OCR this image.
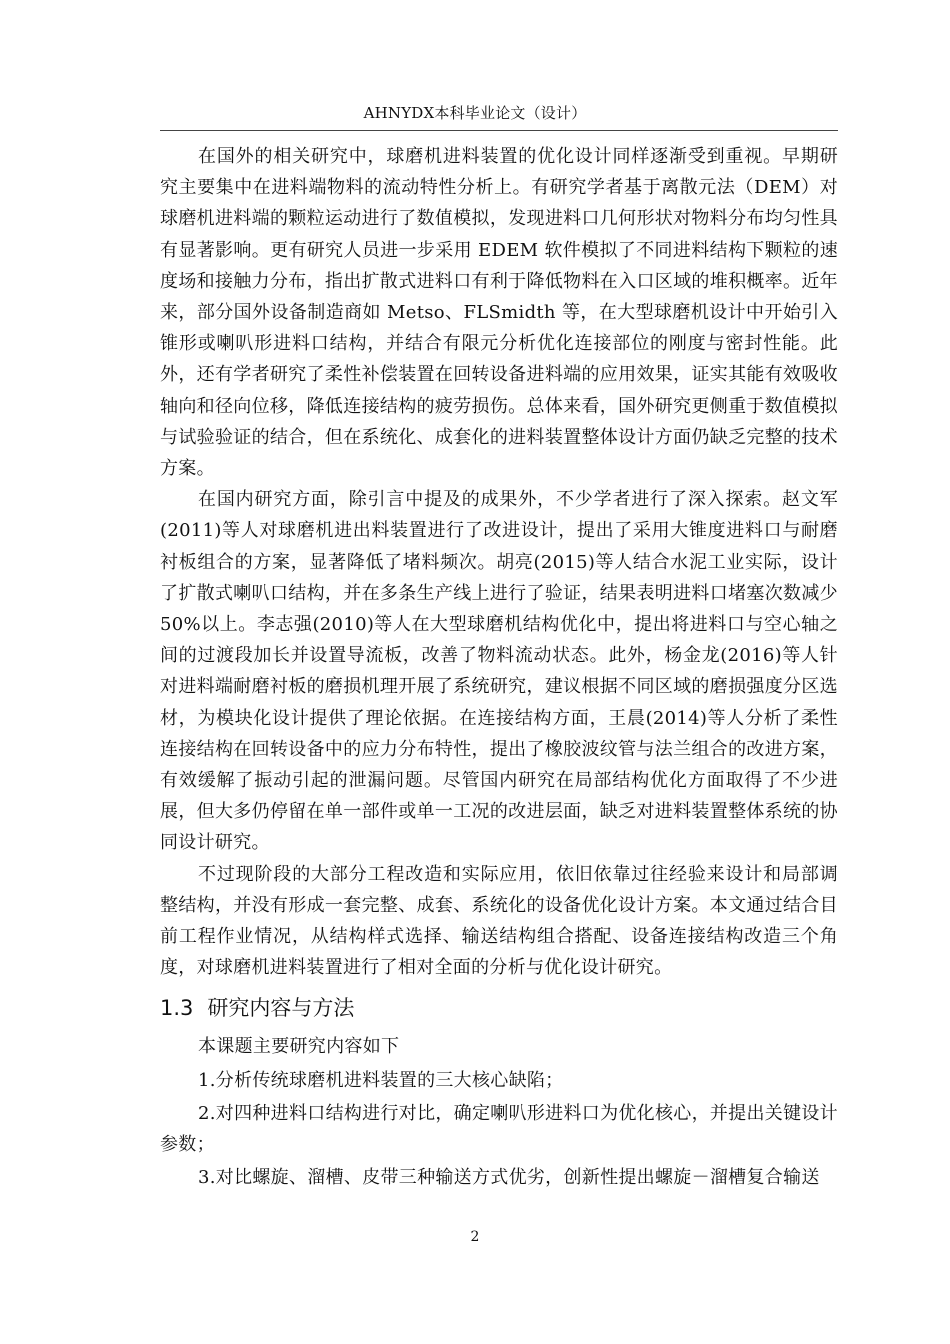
AHNYDX本科毕业论文（设计）

在国外的相关研究中，球磨机进料装置的优化设计同样逐渐受到重视。早期研究主要集中在进料端物料的流动特性分析上。有研究学者基于离散元法（DEM）对球磨机进料端的颗粒运动进行了数值模拟，发现进料口几何形状对物料分布均匀性具有显著影响。更有研究人员进一步采用 EDEM 软件模拟了不同进料结构下颗粒的速度场和接触力分布，指出扩散式进料口有利于降低物料在入口区域的堆积概率。近年来，部分国外设备制造商如 Metso、FLSmidth 等，在大型球磨机设计中开始引入锥形或喇叭形进料口结构，并结合有限元分析优化连接部位的刚度与密封性能。此外，还有学者研究了柔性补偿装置在回转设备进料端的应用效果，证实其能有效吸收轴向和径向位移，降低连接结构的疲劳损伤。总体来看，国外研究更侧重于数值模拟与试验验证的结合，但在系统化、成套化的进料装置整体设计方面仍缺乏完整的技术方案。

在国内研究方面，除引言中提及的成果外，不少学者进行了深入探索。赵文军(2011)等人对球磨机进出料装置进行了改进设计，提出了采用大锥度进料口与耐磨衬板组合的方案，显著降低了堵料频次。胡亮(2015)等人结合水泥工业实际，设计了扩散式喇叭口结构，并在多条生产线上进行了验证，结果表明进料口堵塞次数减少 50%以上。李志强(2010)等人在大型球磨机结构优化中，提出将进料口与空心轴之间的过渡段加长并设置导流板，改善了物料流动状态。此外，杨金龙(2016)等人针对进料端耐磨衬板的磨损机理开展了系统研究，建议根据不同区域的磨损强度分区选材，为模块化设计提供了理论依据。在连接结构方面，王晨(2014)等人分析了柔性连接结构在回转设备中的应力分布特性，提出了橡胶波纹管与法兰组合的改进方案，有效缓解了振动引起的泄漏问题。尽管国内研究在局部结构优化方面取得了不少进展，但大多仍停留在单一部件或单一工况的改进层面，缺乏对进料装置整体系统的协同设计研究。

不过现阶段的大部分工程改造和实际应用，依旧依靠过往经验来设计和局部调整结构，并没有形成一套完整、成套、系统化的设备优化设计方案。本文通过结合目前工程作业情况，从结构样式选择、输送结构组合搭配、设备连接结构改造三个角度，对球磨机进料装置进行了相对全面的分析与优化设计研究。

1.3 研究内容与方法

本课题主要研究内容如下

1.分析传统球磨机进料装置的三大核心缺陷；
2.对四种进料口结构进行对比，确定喇叭形进料口为优化核心，并提出关键设计参数；
3.对比螺旋、溜槽、皮带三种输送方式优劣，创新性提出螺旋－溜槽复合输送
2
